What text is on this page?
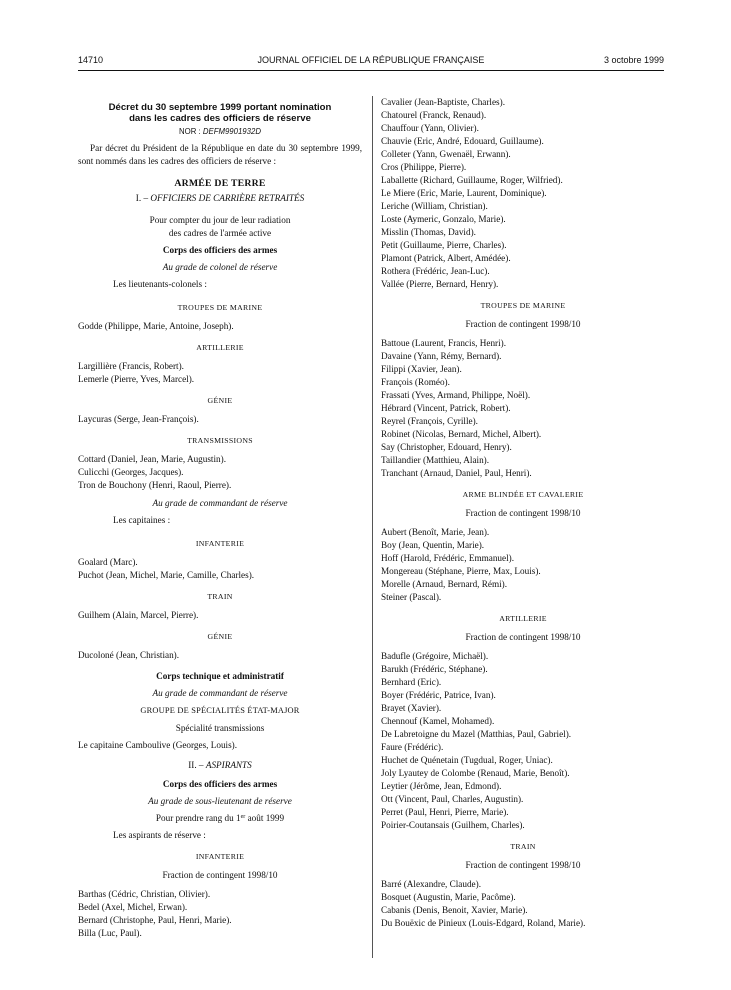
14710	JOURNAL OFFICIEL DE LA RÉPUBLIQUE FRANÇAISE	3 octobre 1999
Décret du 30 septembre 1999 portant nomination
dans les cadres des officiers de réserve
NOR : DEFM9901932D
Par décret du Président de la République en date du 30 septembre 1999, sont nommés dans les cadres des officiers de réserve :
ARMÉE DE TERRE
I. – OFFICIERS DE CARRIÈRE RETRAITÉS
Pour compter du jour de leur radiation
des cadres de l'armée active
Corps des officiers des armes
Au grade de colonel de réserve
Les lieutenants-colonels :
TROUPES DE MARINE
Godde (Philippe, Marie, Antoine, Joseph).
ARTILLERIE
Largillière (Francis, Robert).
Lemerle (Pierre, Yves, Marcel).
GÉNIE
Laycuras (Serge, Jean-François).
TRANSMISSIONS
Cottard (Daniel, Jean, Marie, Augustin).
Culicchi (Georges, Jacques).
Tron de Bouchony (Henri, Raoul, Pierre).
Au grade de commandant de réserve
Les capitaines :
INFANTERIE
Goalard (Marc).
Puchot (Jean, Michel, Marie, Camille, Charles).
TRAIN
Guilhem (Alain, Marcel, Pierre).
GÉNIE
Ducoloné (Jean, Christian).
Corps technique et administratif
Au grade de commandant de réserve
GROUPE DE SPÉCIALITÉS ÉTAT-MAJOR
Spécialité transmissions
Le capitaine Camboulive (Georges, Louis).
II. – ASPIRANTS
Corps des officiers des armes
Au grade de sous-lieutenant de réserve
Pour prendre rang du 1er août 1999
Les aspirants de réserve :
INFANTERIE
Fraction de contingent 1998/10
Barthas (Cédric, Christian, Olivier).
Bedel (Axel, Michel, Erwan).
Bernard (Christophe, Paul, Henri, Marie).
Billa (Luc, Paul).
Cavalier (Jean-Baptiste, Charles).
Chatourel (Franck, Renaud).
Chauffour (Yann, Olivier).
Chauvie (Eric, André, Edouard, Guillaume).
Colleter (Yann, Gwenaël, Erwann).
Cros (Philippe, Pierre).
Laballette (Richard, Guillaume, Roger, Wilfried).
Le Miere (Eric, Marie, Laurent, Dominique).
Leriche (William, Christian).
Loste (Aymeric, Gonzalo, Marie).
Misslin (Thomas, David).
Petit (Guillaume, Pierre, Charles).
Plamont (Patrick, Albert, Amédée).
Rothera (Frédéric, Jean-Luc).
Vallée (Pierre, Bernard, Henry).
TROUPES DE MARINE
Fraction de contingent 1998/10
Battoue (Laurent, Francis, Henri).
Davaine (Yann, Rémy, Bernard).
Filippi (Xavier, Jean).
François (Roméo).
Frassati (Yves, Armand, Philippe, Noël).
Hébrard (Vincent, Patrick, Robert).
Reyrel (François, Cyrille).
Robinet (Nicolas, Bernard, Michel, Albert).
Say (Christopher, Edouard, Henry).
Taillandier (Matthieu, Alain).
Tranchant (Arnaud, Daniel, Paul, Henri).
ARME BLINDÉE ET CAVALERIE
Fraction de contingent 1998/10
Aubert (Benoît, Marie, Jean).
Boy (Jean, Quentin, Marie).
Hoff (Harold, Frédéric, Emmanuel).
Mongereau (Stéphane, Pierre, Max, Louis).
Morelle (Arnaud, Bernard, Rémi).
Steiner (Pascal).
ARTILLERIE
Fraction de contingent 1998/10
Badufle (Grégoire, Michaël).
Barukh (Frédéric, Stéphane).
Bernhard (Eric).
Boyer (Frédéric, Patrice, Ivan).
Brayet (Xavier).
Chennouf (Kamel, Mohamed).
De Labretoigne du Mazel (Matthias, Paul, Gabriel).
Faure (Frédéric).
Huchet de Quénetain (Tugdual, Roger, Uniac).
Joly Lyautey de Colombe (Renaud, Marie, Benoît).
Leytier (Jérôme, Jean, Edmond).
Ott (Vincent, Paul, Charles, Augustin).
Perret (Paul, Henri, Pierre, Marie).
Poirier-Coutansais (Guilhem, Charles).
TRAIN
Fraction de contingent 1998/10
Barré (Alexandre, Claude).
Bosquet (Augustin, Marie, Pacôme).
Cabanis (Denis, Benoit, Xavier, Marie).
Du Bouëxic de Pinieux (Louis-Edgard, Roland, Marie).
